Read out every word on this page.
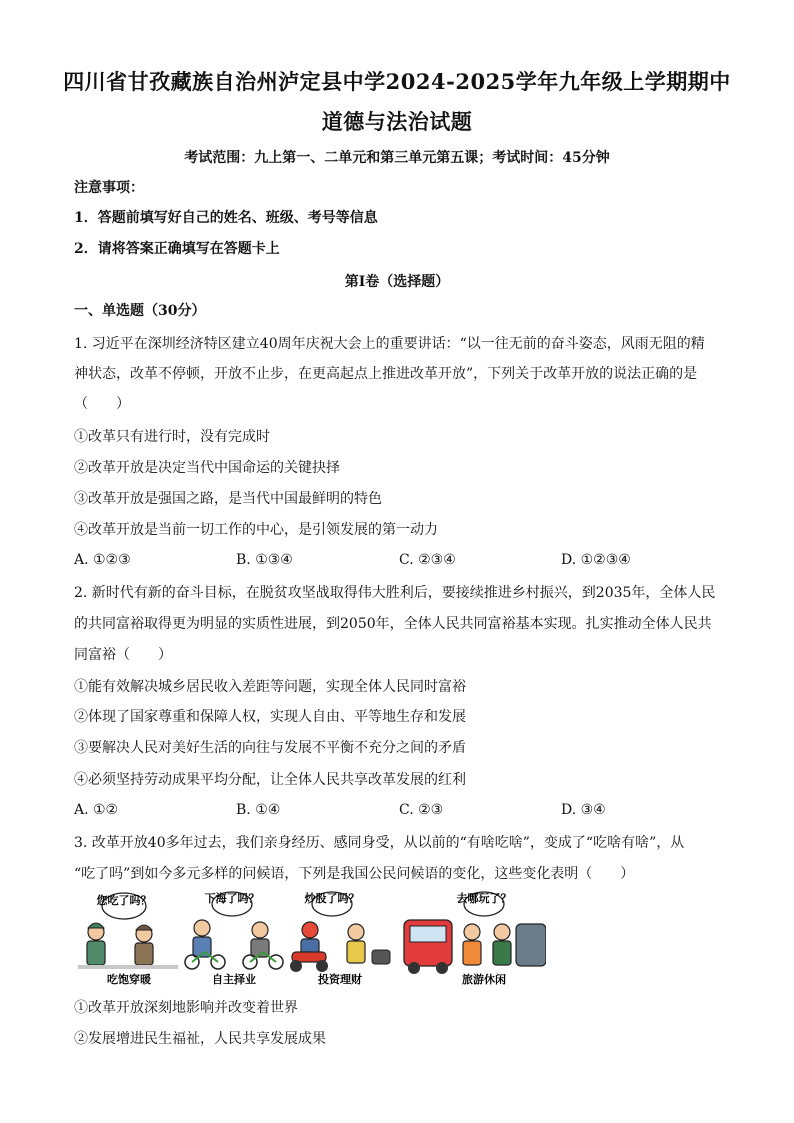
四川省甘孜藏族自治州泸定县中学2024-2025学年九年级上学期期中
道德与法治试题
考试范围：九上第一、二单元和第三单元第五课；考试时间：45分钟
注意事项：
1．答题前填写好自己的姓名、班级、考号等信息
2．请将答案正确填写在答题卡上
第I卷（选择题）
一、单选题（30分）
1. 习近平在深圳经济特区建立40周年庆祝大会上的重要讲话：“以一往无前的奋斗姿态，风雨无阻的精
神状态，改革不停顿，开放不止步，在更高起点上推进改革开放”，下列关于改革开放的说法正确的是
（　　）
①改革只有进行时，没有完成时
②改革开放是决定当代中国命运的关键抉择
③改革开放是强国之路，是当代中国最鲜明的特色
④改革开放是当前一切工作的中心，是引领发展的第一动力
A. ①②③	B. ①③④	C. ②③④	D. ①②③④
2. 新时代有新的奋斗目标，在脱贫攻坚战取得伟大胜利后，要接续推进乡村振兴，到2035年，全体人民
的共同富裕取得更为明显的实质性进展，到2050年，全体人民共同富裕基本实现。扎实推动全体人民共
同富裕（　　）
①能有效解决城乡居民收入差距等问题，实现全体人民同时富裕
②体现了国家尊重和保障人权，实现人自由、平等地生存和发展
③要解决人民对美好生活的向往与发展不平衡不充分之间的矛盾
④必须坚持劳动成果平均分配，让全体人民共享改革发展的红利
A. ①②	B. ①④	C. ②③	D. ③④
3. 改革开放40多年过去，我们亲身经历、感同身受，从以前的“有啥吃啥”，变成了“吃啥有啥”，从
“吃了吗”到如今多元多样的问候语，下列是我国公民问候语的变化，这些变化表明（　　）
您吃了吗？	下海了吗？	炒股了吗？	去哪玩了？
吃饱穿暖	自主择业	投资理财	旅游休闲
①改革开放深刻地影响并改变着世界
②发展增进民生福祉，人民共享发展成果
